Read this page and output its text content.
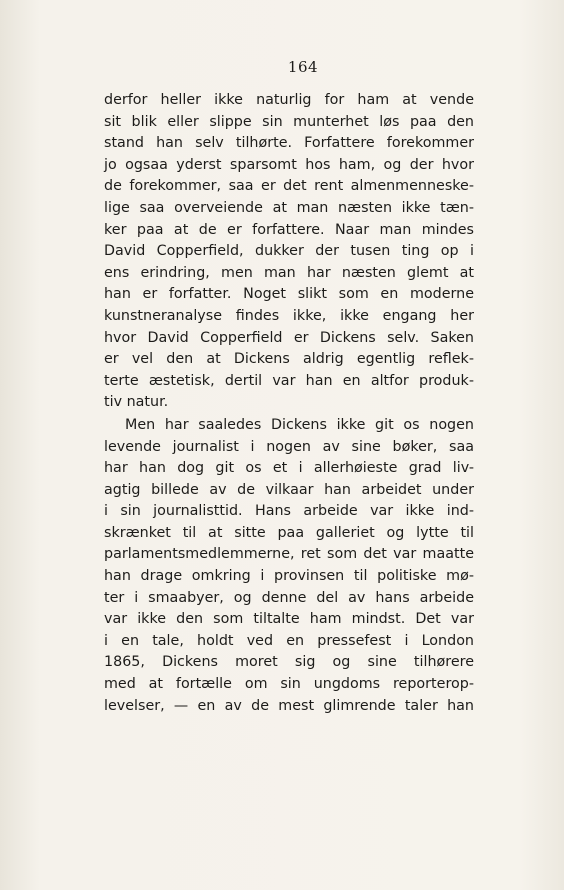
164
derfor heller ikke naturlig for ham at vende
sit blik eller slippe sin munterhet løs paa den
stand han selv tilhørte. Forfattere forekommer
jo ogsaa yderst sparsomt hos ham, og der hvor
de forekommer, saa er det rent almenmenneske-
lige saa overveiende at man næsten ikke tæn-
ker paa at de er forfattere. Naar man mindes
David Copperfield, dukker der tusen ting op i
ens erindring, men man har næsten glemt at
han er forfatter. Noget slikt som en moderne
kunstneranalyse findes ikke, ikke engang her
hvor David Copperfield er Dickens selv. Saken
er vel den at Dickens aldrig egentlig reflek-
terte æstetisk, dertil var han en altfor produk-
tiv natur.
Men har saaledes Dickens ikke git os nogen
levende journalist i nogen av sine bøker, saa
har han dog git os et i allerhøieste grad liv-
agtig billede av de vilkaar han arbeidet under
i sin journalisttid. Hans arbeide var ikke ind-
skrænket til at sitte paa galleriet og lytte til
parlamentsmedlemmerne, ret som det var maatte
han drage omkring i provinsen til politiske mø-
ter i smaabyer, og denne del av hans arbeide
var ikke den som tiltalte ham mindst. Det var
i en tale, holdt ved en pressefest i London
1865, Dickens moret sig og sine tilhørere
med at fortælle om sin ungdoms reporterop-
levelser, — en av de mest glimrende taler han
